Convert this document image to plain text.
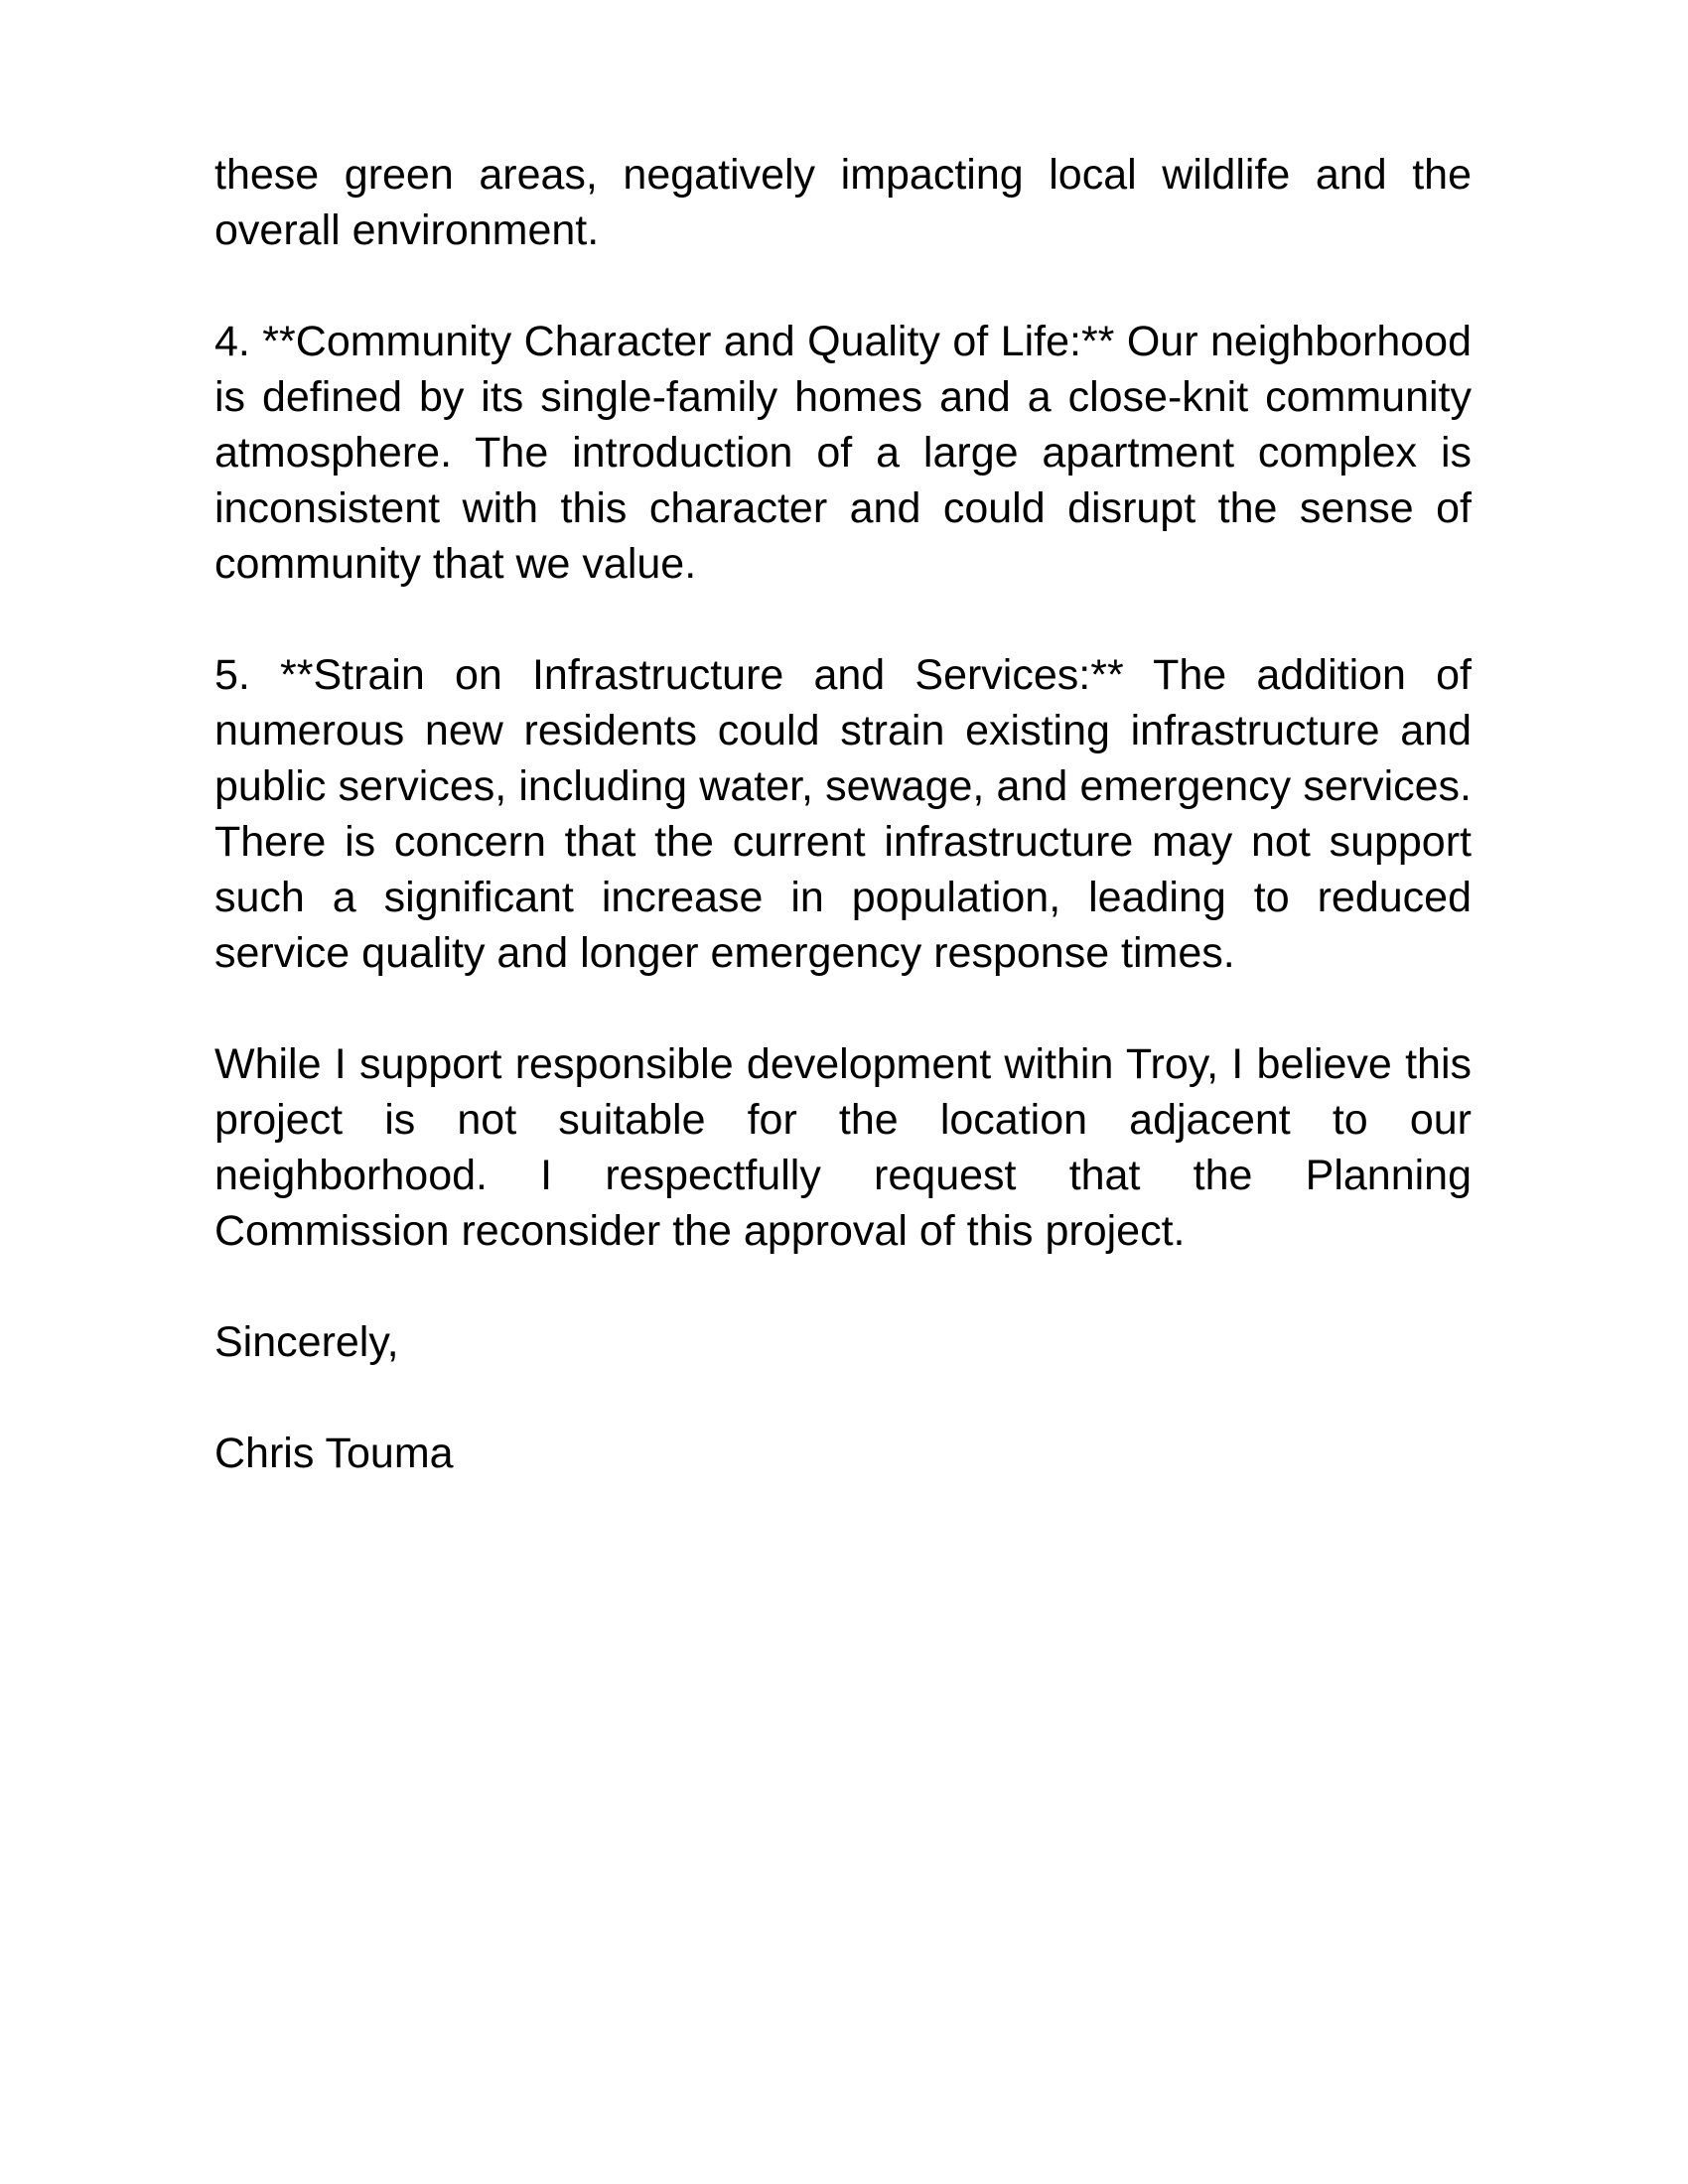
these green areas, negatively impacting local wildlife and the overall environment.

4. **Community Character and Quality of Life:** Our neighborhood is defined by its single-family homes and a close-knit community atmosphere. The introduction of a large apartment complex is inconsistent with this character and could disrupt the sense of community that we value.

5. **Strain on Infrastructure and Services:** The addition of numerous new residents could strain existing infrastructure and public services, including water, sewage, and emergency services. There is concern that the current infrastructure may not support such a significant increase in population, leading to reduced service quality and longer emergency response times.

While I support responsible development within Troy, I believe this project is not suitable for the location adjacent to our neighborhood. I respectfully request that the Planning Commission reconsider the approval of this project.

Sincerely,

Chris Touma
